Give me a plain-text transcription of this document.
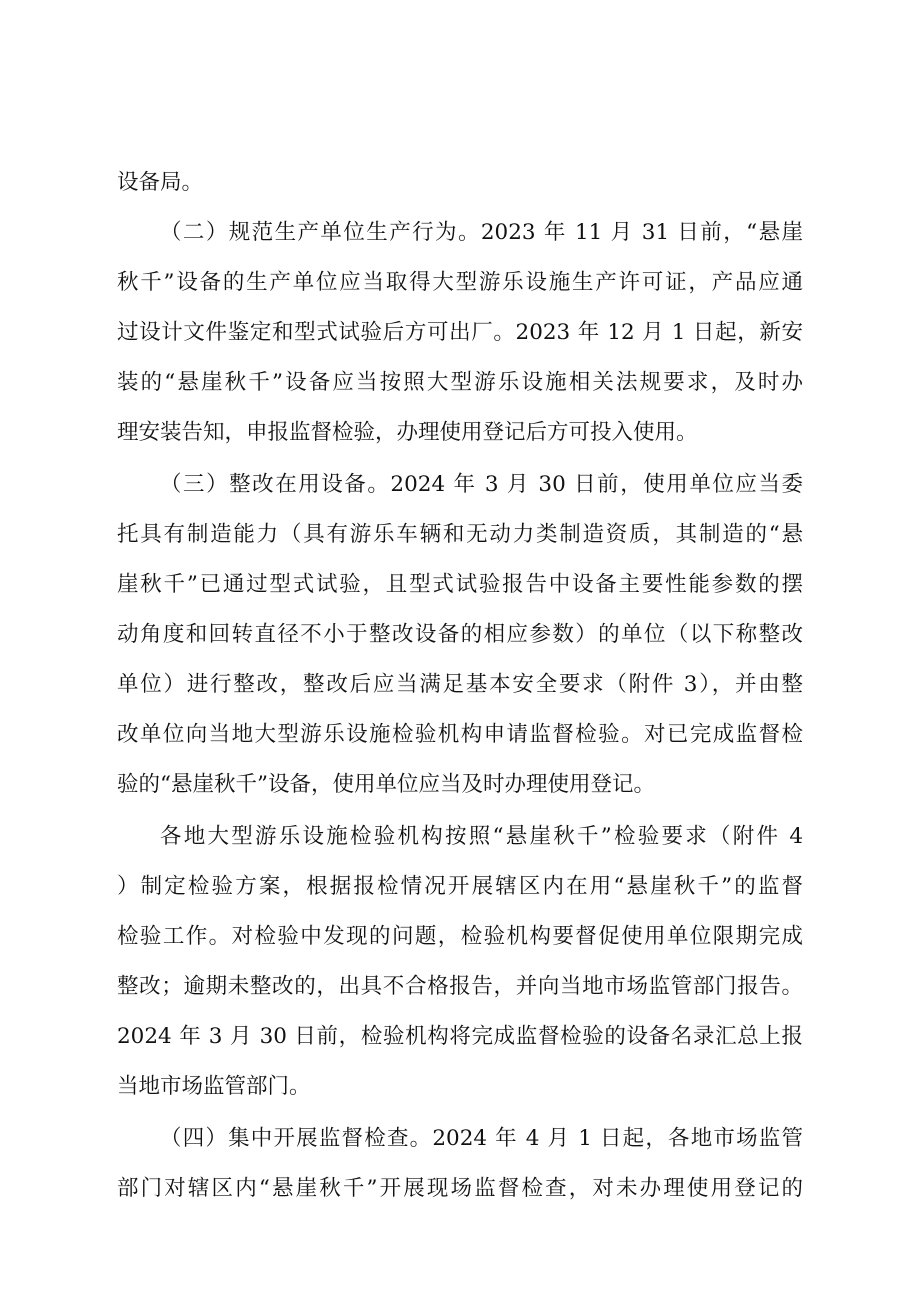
设备局。
（二）规范生产单位生产行为。2023 年 11 月 31 日前，“悬崖
秋千”设备的生产单位应当取得大型游乐设施生产许可证，产品应通
过设计文件鉴定和型式试验后方可出厂。2023 年 12 月 1 日起，新安
装的“悬崖秋千”设备应当按照大型游乐设施相关法规要求，及时办
理安装告知，申报监督检验，办理使用登记后方可投入使用。
（三）整改在用设备。2024 年 3 月 30 日前，使用单位应当委
托具有制造能力（具有游乐车辆和无动力类制造资质，其制造的“悬
崖秋千”已通过型式试验，且型式试验报告中设备主要性能参数的摆
动角度和回转直径不小于整改设备的相应参数）的单位（以下称整改
单位）进行整改，整改后应当满足基本安全要求（附件 3），并由整
改单位向当地大型游乐设施检验机构申请监督检验。对已完成监督检
验的“悬崖秋千”设备，使用单位应当及时办理使用登记。
各地大型游乐设施检验机构按照“悬崖秋千”检验要求（附件 4
）制定检验方案，根据报检情况开展辖区内在用“悬崖秋千”的监督
检验工作。对检验中发现的问题，检验机构要督促使用单位限期完成
整改；逾期未整改的，出具不合格报告，并向当地市场监管部门报告。
2024 年 3 月 30 日前，检验机构将完成监督检验的设备名录汇总上报
当地市场监管部门。
（四）集中开展监督检查。2024 年 4 月 1 日起，各地市场监管
部门对辖区内“悬崖秋千”开展现场监督检查，对未办理使用登记的
